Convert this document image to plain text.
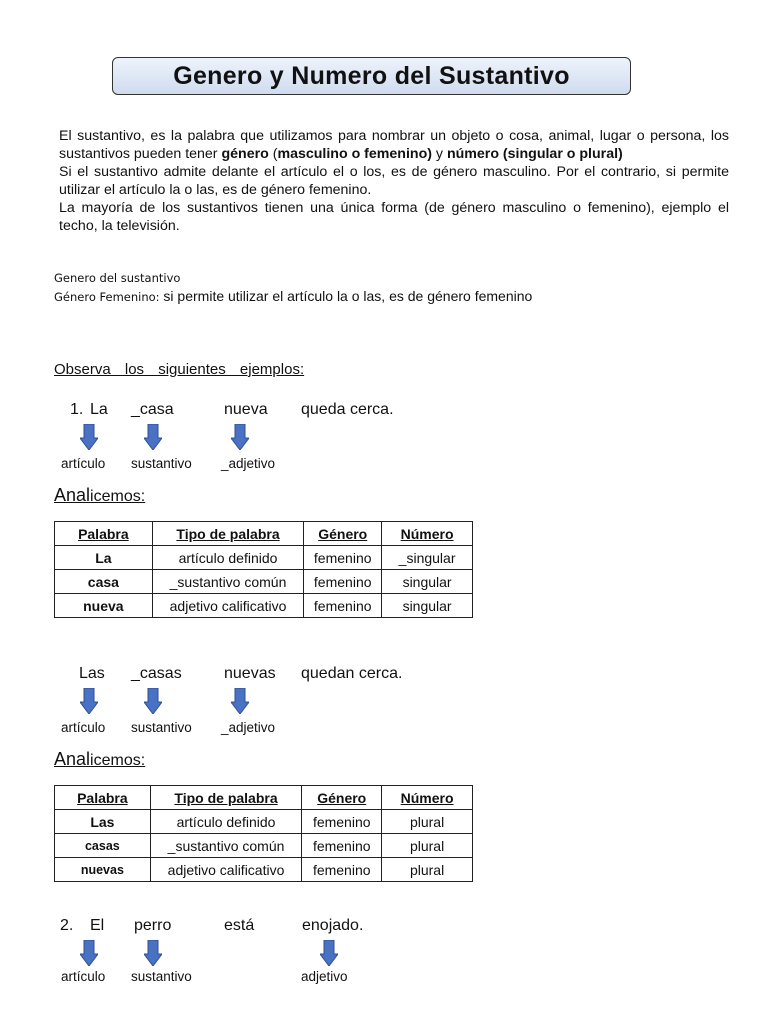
Genero y Numero del Sustantivo

El sustantivo, es la palabra que utilizamos para nombrar un objeto o cosa, animal, lugar o persona, los sustantivos pueden tener género (masculino o femenino) y número (singular o plural)

Si el sustantivo admite delante el artículo el o los, es de género masculino. Por el contrario, si permite utilizar el artículo la o las, es de género femenino.

La mayoría de los sustantivos tienen una única forma (de género masculino o femenino), ejemplo el techo, la televisión.

Genero del sustantivo
Género Femenino: si permite utilizar el artículo la o las, es de género femenino
Observa los siguientes ejemplos:
1. La _casa	nueva queda cerca.
artículo sustantivo _adjetivo
Analicemos:
Palabra	Tipo de palabra	Género	Número
La	artículo definido	femenino	_singular
casa	_sustantivo común	femenino	singular
nueva	adjetivo calificativo	femenino	singular
Las _casas	nuevas quedan cerca.
artículo sustantivo _adjetivo
Analicemos:
Palabra	Tipo de palabra	Género	Número
Las	artículo definido	femenino	plural
casas	_sustantivo común	femenino	plural
nuevas	adjetivo calificativo	femenino	plural
2. El perro	está	enojado.
artículo sustantivo	adjetivo
